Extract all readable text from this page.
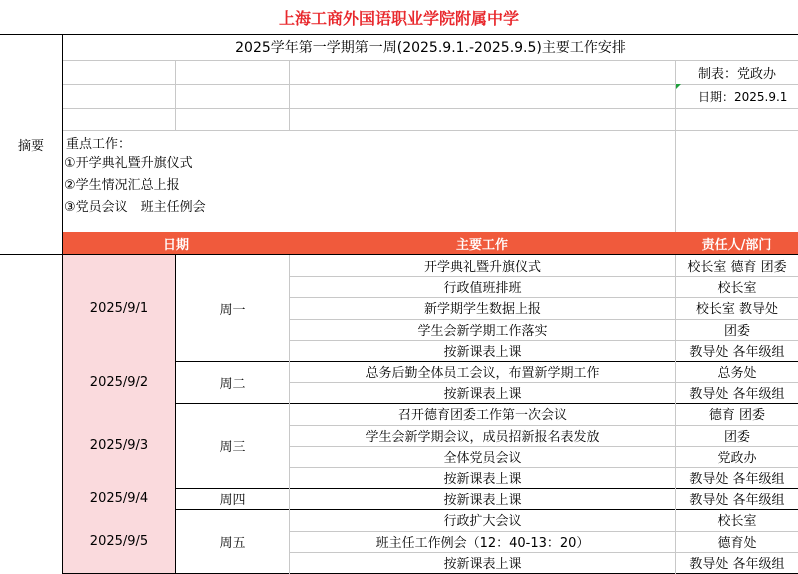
上海工商外国语职业学院附属中学
2025学年第一学期第一周(2025.9.1.-2025.9.5)主要工作安排
制表：党政办
日期：2025.9.1
摘要	重点工作：
①开学典礼暨升旗仪式
②学生情况汇总上报
③党员会议　班主任例会
日期	主要工作	责任人/部门
2025/9/1	周一
开学典礼暨升旗仪式	校长室 德育 团委
行政值班排班	校长室
新学期学生数据上报	校长室 教导处
学生会新学期工作落实	团委
按新课表上课	教导处 各年级组
2025/9/2	周二
总务后勤全体员工会议，布置新学期工作	总务处
按新课表上课	教导处 各年级组
2025/9/3	周三
召开德育团委工作第一次会议	德育 团委
学生会新学期会议，成员招新报名表发放	团委
全体党员会议	党政办
按新课表上课	教导处 各年级组
2025/9/4	周四	按新课表上课	教导处 各年级组
2025/9/5	周五
行政扩大会议	校长室
班主任工作例会（12：40-13：20）	德育处
按新课表上课	教导处 各年级组
